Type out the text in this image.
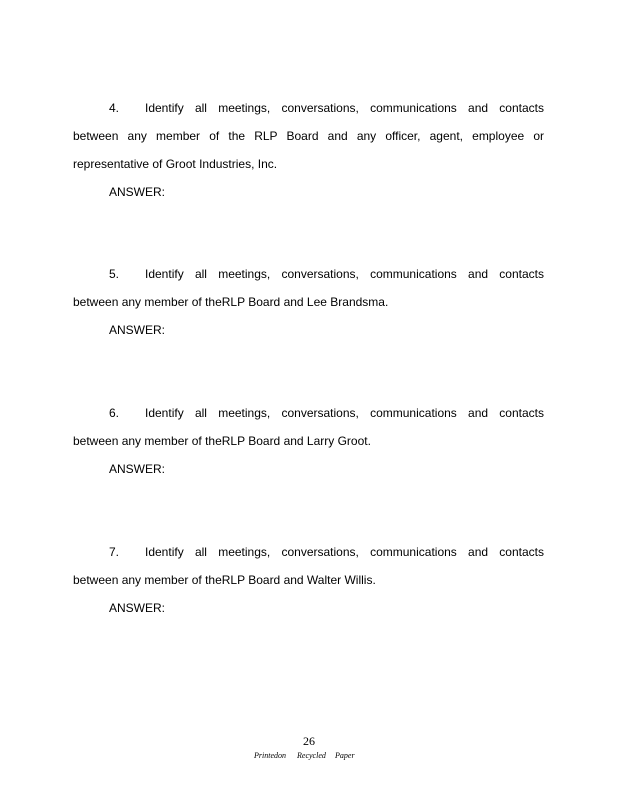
4. Identify all meetings, conversations, communications and contacts
between any member of the RLP Board and any officer, agent, employee or
representative of Groot Industries, Inc.
ANSWER:
5. Identify all meetings, conversations, communications and contacts
between any member of theRLP Board and Lee Brandsma.
ANSWER:
6. Identify all meetings, conversations, communications and contacts
between any member of theRLP Board and Larry Groot.
ANSWER:
7. Identify all meetings, conversations, communications and contacts
between any member of theRLP Board and Walter Willis.
ANSWER:
26
Printedon Recycled Paper
